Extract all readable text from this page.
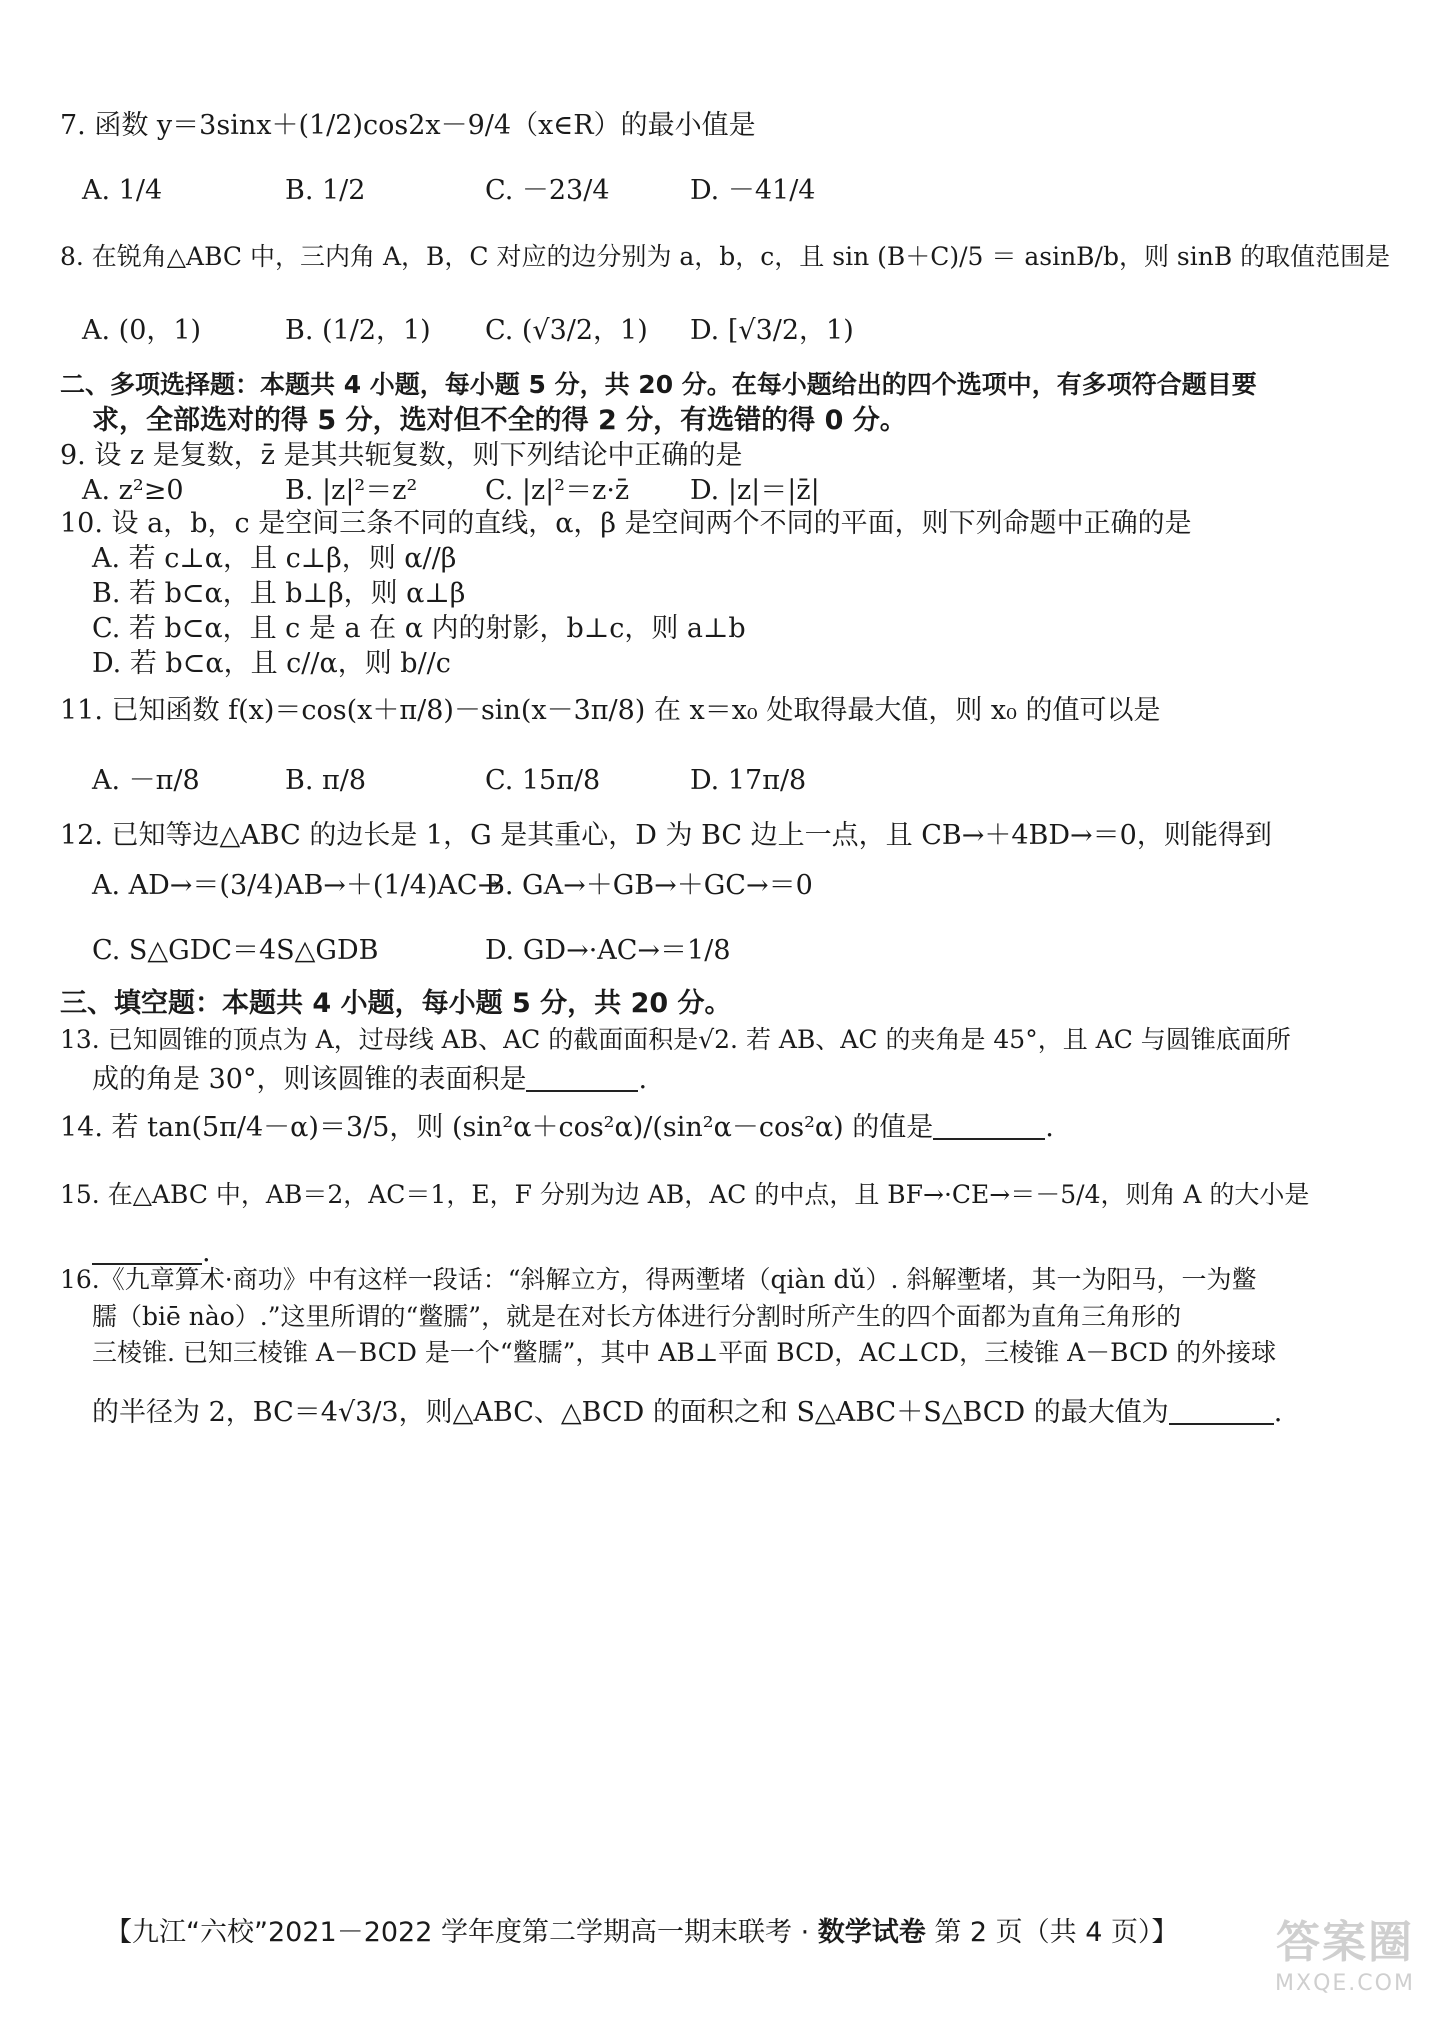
7. 函数 y＝3sinx＋(1/2)cos2x－9/4（x∈R）的最小值是
A. 1/4	B. 1/2	C. －23/4	D. －41/4
8. 在锐角△ABC 中，三内角 A，B，C 对应的边分别为 a，b，c，且 sin (B＋C)/5 ＝ asinB/b，则 sinB 的取值范围是
A. (0，1)	B. (1/2，1) C. (√3/2，1) D. [√3/2，1)
二、多项选择题：本题共 4 小题，每小题 5 分，共 20 分。在每小题给出的四个选项中，有多项符合题目要
求，全部选对的得 5 分，选对但不全的得 2 分，有选错的得 0 分。
9. 设 z 是复数，z̄ 是其共轭复数，则下列结论中正确的是
A. z²≥0	B. |z|²＝z²	C. |z|²＝z·z̄ D. |z|＝|z̄|
10. 设 a，b，c 是空间三条不同的直线，α，β 是空间两个不同的平面，则下列命题中正确的是
A. 若 c⊥α，且 c⊥β，则 α//β
B. 若 b⊂α，且 b⊥β，则 α⊥β
C. 若 b⊂α，且 c 是 a 在 α 内的射影，b⊥c，则 a⊥b
D. 若 b⊂α，且 c//α，则 b//c
11. 已知函数 f(x)＝cos(x＋π/8)－sin(x－3π/8) 在 x＝x₀ 处取得最大值，则 x₀ 的值可以是
A. －π/8	B. π/8	C. 15π/8	D. 17π/8
12. 已知等边△ABC 的边长是 1，G 是其重心，D 为 BC 边上一点，且 CB→＋4BD→＝0，则能得到
A. AD→＝(3/4)AB→＋(1/4)AC→
B. GA→＋GB→＋GC→＝0
C. S△GDC＝4S△GDB	D. GD→·AC→＝1/8
三、填空题：本题共 4 小题，每小题 5 分，共 20 分。
13. 已知圆锥的顶点为 A，过母线 AB、AC 的截面面积是√2. 若 AB、AC 的夹角是 45°，且 AC 与圆锥底面所
成的角是 30°，则该圆锥的表面积是	.
14. 若 tan(5π/4－α)＝3/5，则 (sin²α＋cos²α)/(sin²α－cos²α) 的值是	.
15. 在△ABC 中，AB＝2，AC＝1，E，F 分别为边 AB，AC 的中点，且 BF→·CE→＝－5/4，则角 A 的大小是
.
16.《九章算术·商功》中有这样一段话：“斜解立方，得两壍堵（qiàn dǔ）. 斜解壍堵，其一为阳马，一为鳖
臑（biē nào）.”这里所谓的“鳖臑”，就是在对长方体进行分割时所产生的四个面都为直角三角形的
三棱锥. 已知三棱锥 A－BCD 是一个“鳖臑”，其中 AB⊥平面 BCD，AC⊥CD，三棱锥 A－BCD 的外接球
的半径为 2，BC＝4√3/3，则△ABC、△BCD 的面积之和 S△ABC＋S△BCD 的最大值为	.
【九江“六校”2021－2022 学年度第二学期高一期末联考 · 数学试卷 第 2 页（共 4 页）】 答案圈
MXQE.COM
